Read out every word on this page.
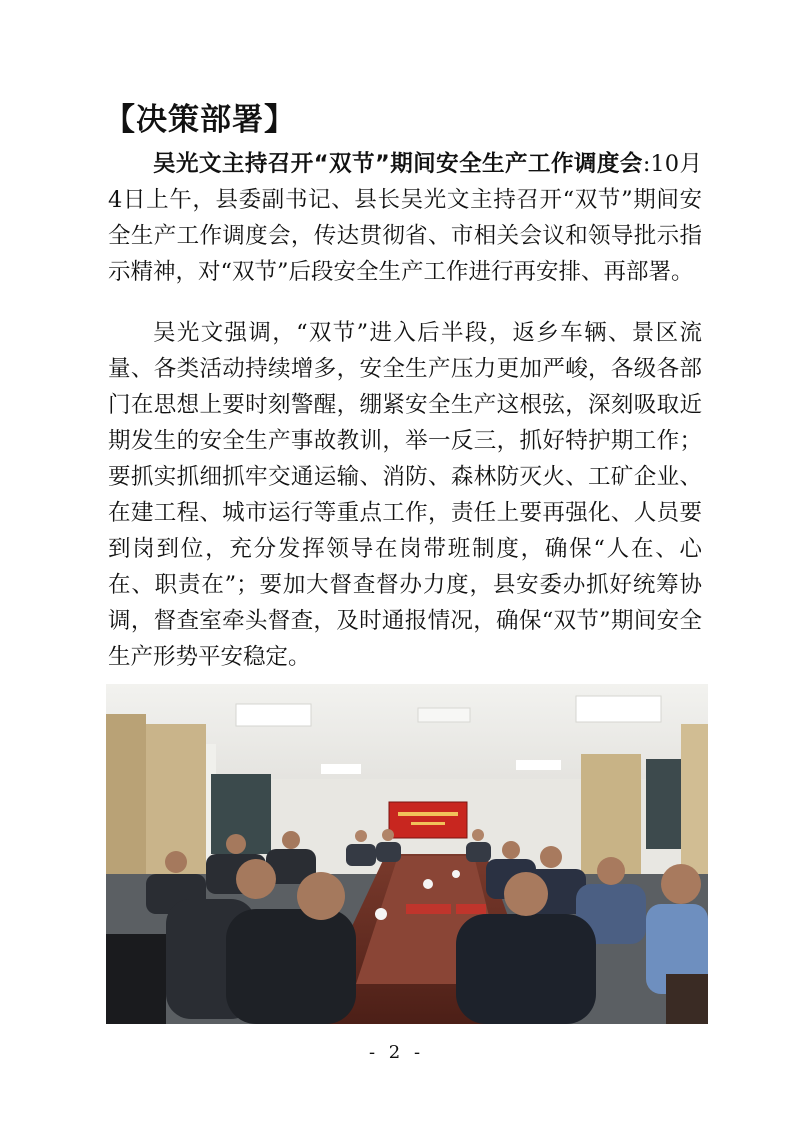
【决策部署】

吴光文主持召开“双节”期间安全生产工作调度会:10月4日上午，县委副书记、县长吴光文主持召开“双节”期间安全生产工作调度会，传达贯彻省、市相关会议和领导批示指示精神，对“双节”后段安全生产工作进行再安排、再部署。

吴光文强调，“双节”进入后半段，返乡车辆、景区流量、各类活动持续增多，安全生产压力更加严峻，各级各部门在思想上要时刻警醒，绷紧安全生产这根弦，深刻吸取近期发生的安全生产事故教训，举一反三，抓好特护期工作；要抓实抓细抓牢交通运输、消防、森林防灭火、工矿企业、在建工程、城市运行等重点工作，责任上要再强化、人员要到岗到位，充分发挥领导在岗带班制度，确保“人在、心在、职责在”；要加大督查督办力度，县安委办抓好统筹协调，督查室牵头督查，及时通报情况，确保“双节”期间安全生产形势平安稳定。

- 2 -
